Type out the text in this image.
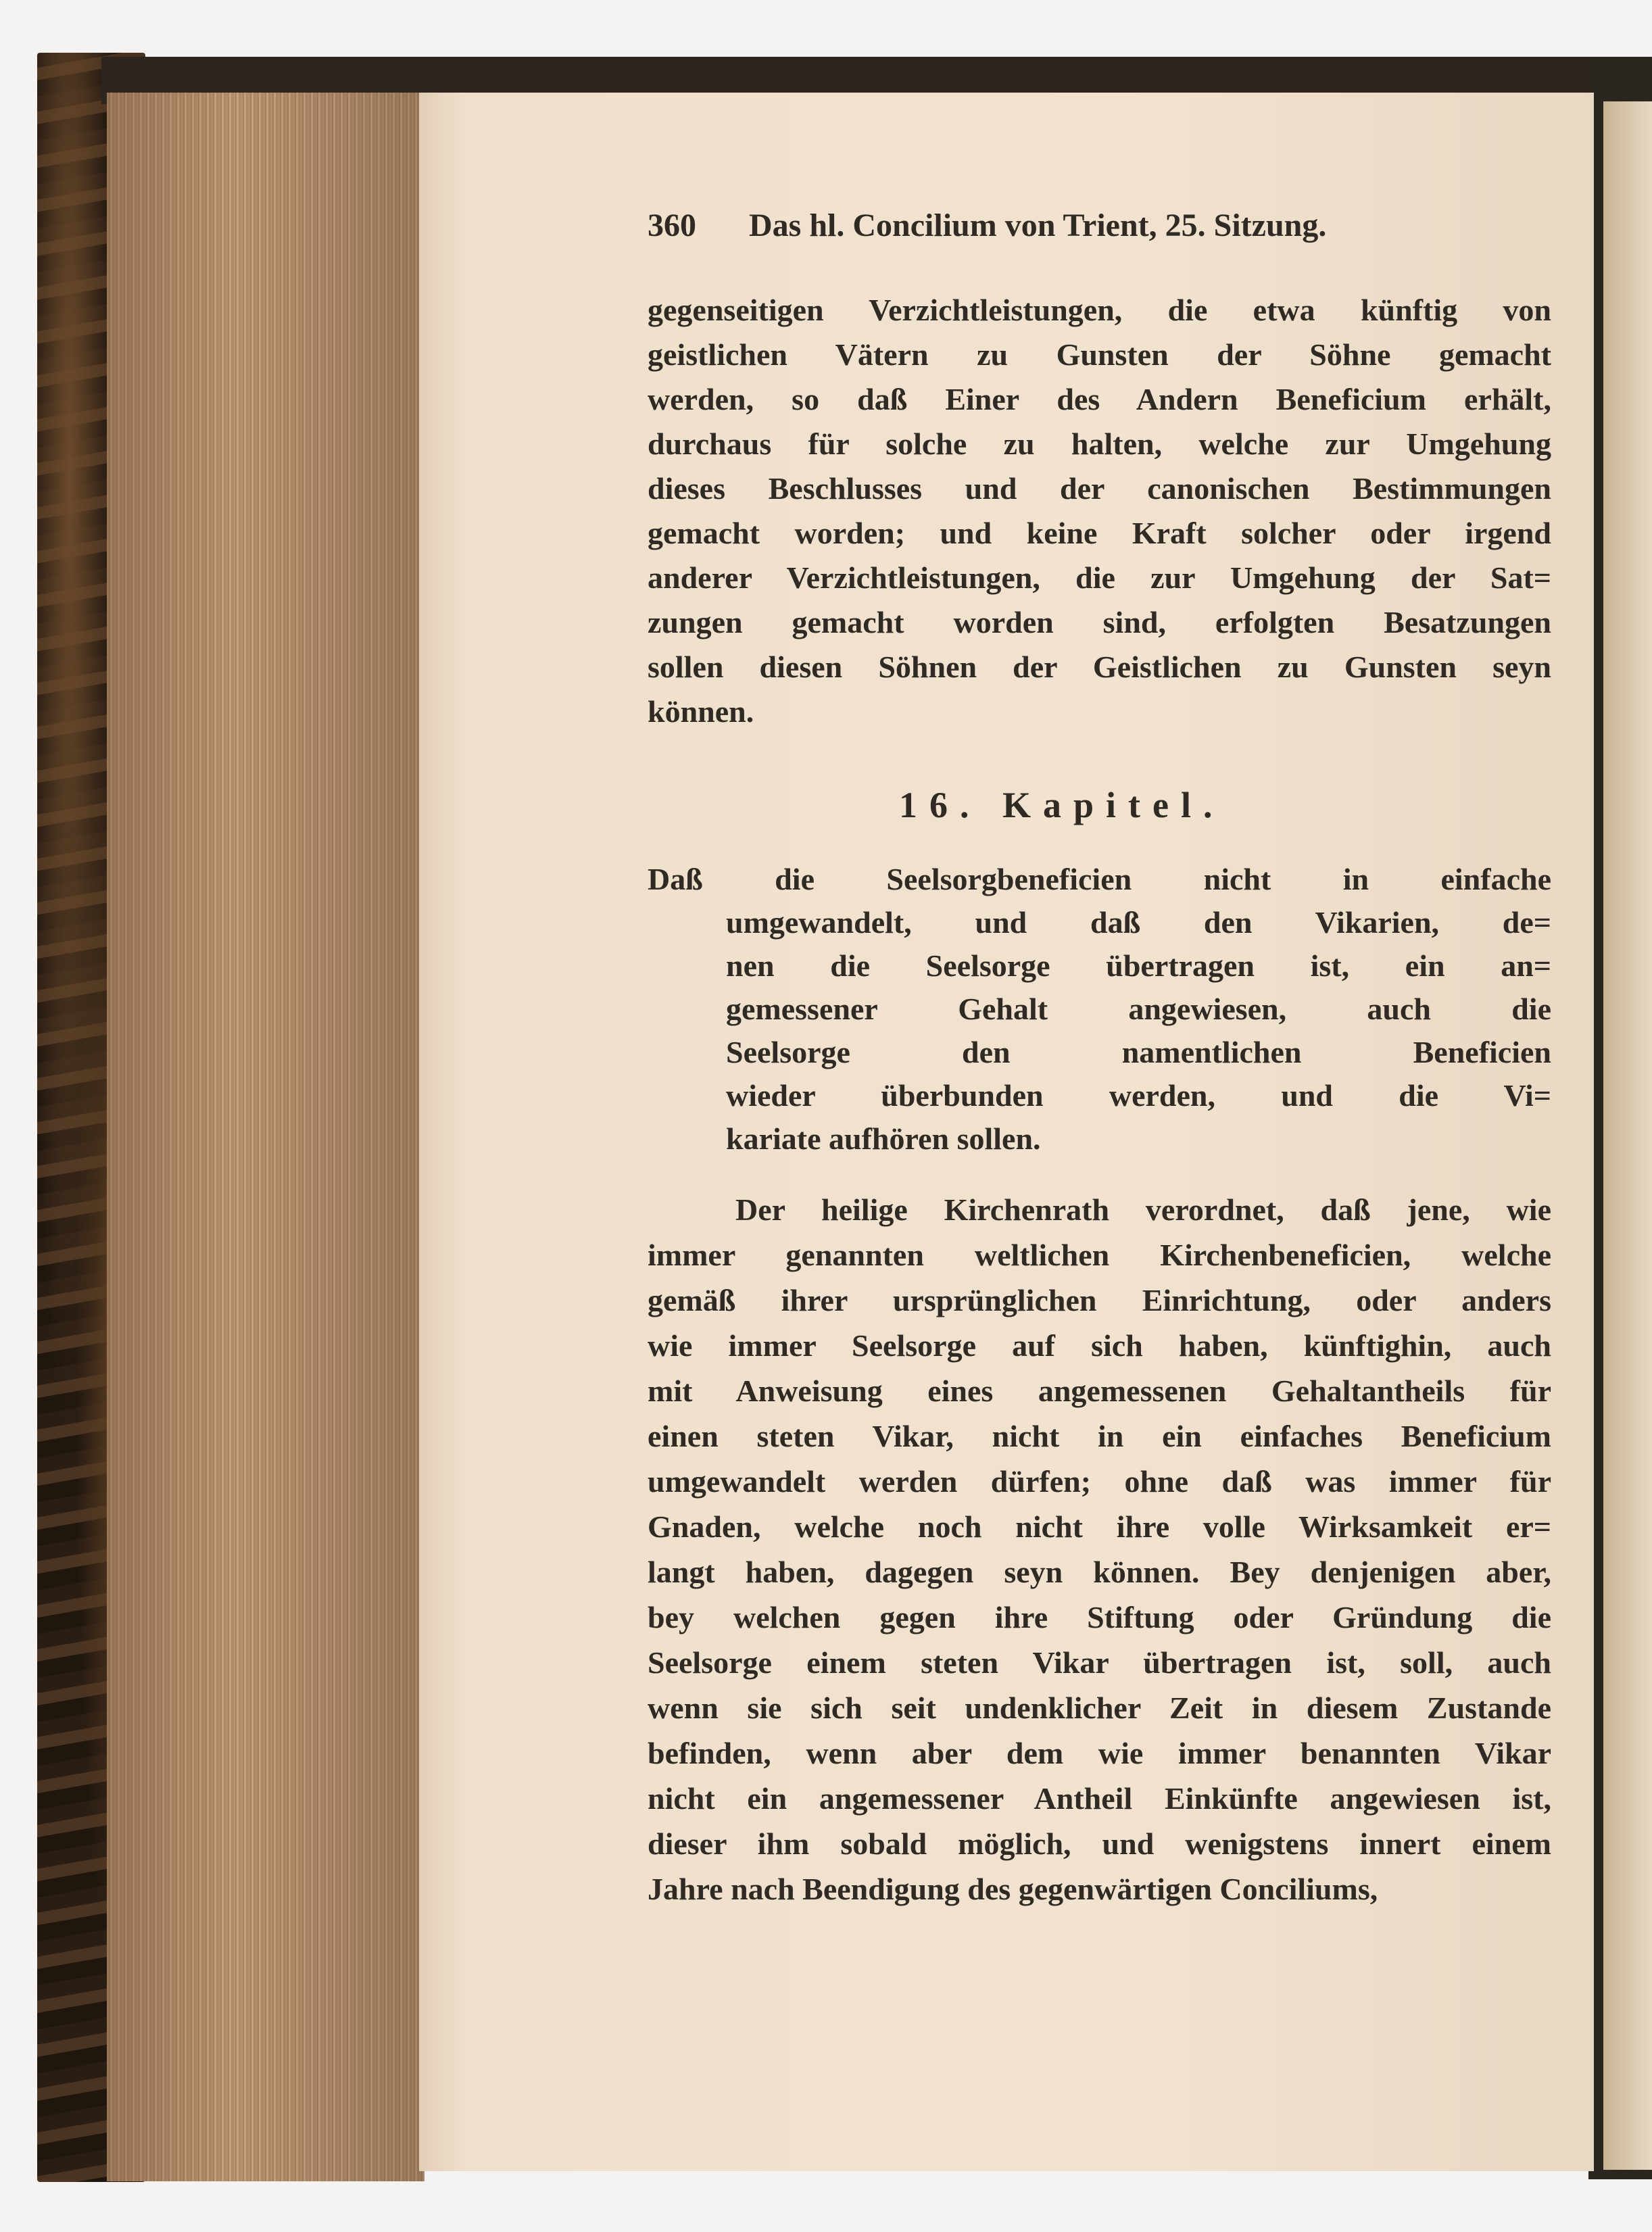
360 Das hl. Concilium von Trient, 25. Sitzung.
gegenseitigen Verzichtleistungen, die etwa künftig von
geistlichen Vätern zu Gunsten der Söhne gemacht
werden, so daß Einer des Andern Beneficium erhält,
durchaus für solche zu halten, welche zur Umgehung
dieses Beschlusses und der canonischen Bestimmungen
gemacht worden; und keine Kraft solcher oder irgend
anderer Verzichtleistungen, die zur Umgehung der Sat=
zungen gemacht worden sind, erfolgten Besatzungen
sollen diesen Söhnen der Geistlichen zu Gunsten seyn
können.
16. Kapitel.
Daß die Seelsorgbeneficien nicht in einfache
umgewandelt, und daß den Vikarien, de=
nen die Seelsorge übertragen ist, ein an=
gemessener Gehalt angewiesen, auch die
Seelsorge den namentlichen Beneficien
wieder überbunden werden, und die Vi=
kariate aufhören sollen.
Der heilige Kirchenrath verordnet, daß jene, wie
immer genannten weltlichen Kirchenbeneficien, welche
gemäß ihrer ursprünglichen Einrichtung, oder anders
wie immer Seelsorge auf sich haben, künftighin, auch
mit Anweisung eines angemessenen Gehaltantheils für
einen steten Vikar, nicht in ein einfaches Beneficium
umgewandelt werden dürfen; ohne daß was immer für
Gnaden, welche noch nicht ihre volle Wirksamkeit er=
langt haben, dagegen seyn können. Bey denjenigen aber,
bey welchen gegen ihre Stiftung oder Gründung die
Seelsorge einem steten Vikar übertragen ist, soll, auch
wenn sie sich seit undenklicher Zeit in diesem Zustande
befinden, wenn aber dem wie immer benannten Vikar
nicht ein angemessener Antheil Einkünfte angewiesen ist,
dieser ihm sobald möglich, und wenigstens innert einem
Jahre nach Beendigung des gegenwärtigen Conciliums,
